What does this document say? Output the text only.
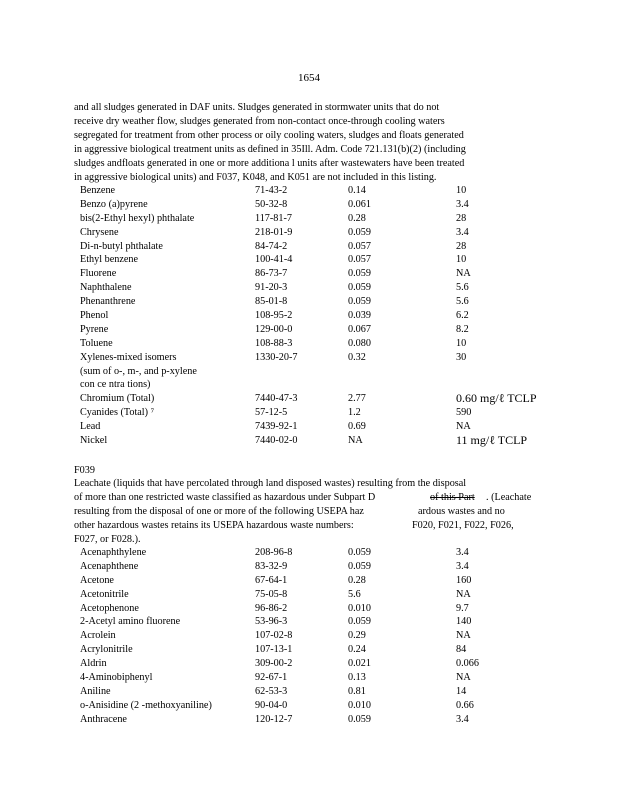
1654
and all sludges generated in DAF units. Sludges generated in stormwater units that do not
receive dry weather flow, sludges generated from non-contact once-through cooling waters
segregated for treatment from other process or oily cooling waters, sludges and floats generated
in aggressive biological treatment units as defined in 35Ill. Adm. Code 721.131(b)(2) (including
sludges andfloats generated in one or more additiona l units after wastewaters have been treated
in aggressive biological units) and F037, K048, and K051 are not included in this listing.
Benzene	71-43-2	0.14	10
Benzo (a)pyrene	50-32-8	0.061	3.4
bis(2-Ethyl hexyl) phthalate	117-81-7	0.28	28
Chrysene	218-01-9	0.059	3.4
Di-n-butyl phthalate	84-74-2	0.057	28
Ethyl benzene	100-41-4	0.057	10
Fluorene	86-73-7	0.059	NA
Naphthalene	91-20-3	0.059	5.6
Phenanthrene	85-01-8	0.059	5.6
Phenol	108-95-2	0.039	6.2
Pyrene	129-00-0	0.067	8.2
Toluene	108-88-3	0.080	10
Xylenes-mixed isomers	1330-20-7	0.32	30
(sum of o-, m-, and p-xylene
con ce ntra tions)
Chromium (Total)	7440-47-3	2.77	0.60 mg/ℓ TCLP
Cyanides (Total) ⁷	57-12-5	1.2	590
Lead	7439-92-1	0.69	NA
Nickel	7440-02-0	NA	11 mg/ℓ TCLP
F039
Leachate (liquids that have percolated through land disposed wastes) resulting from the disposal
of more than one restricted waste classified as hazardous under Subpart D	of this Part . (Leachate
resulting from the disposal of one or more of the following USEPA haz	ardous wastes and no
other hazardous wastes retains its USEPA hazardous waste numbers:	F020, F021, F022, F026,
F027, or F028.).
Acenaphthylene	208-96-8	0.059	3.4
Acenaphthene	83-32-9	0.059	3.4
Acetone	67-64-1	0.28	160
Acetonitrile	75-05-8	5.6	NA
Acetophenone	96-86-2	0.010	9.7
2-Acetyl amino fluorene	53-96-3	0.059	140
Acrolein	107-02-8	0.29	NA
Acrylonitrile	107-13-1	0.24	84
Aldrin	309-00-2	0.021	0.066
4-Aminobiphenyl	92-67-1	0.13	NA
Aniline	62-53-3	0.81	14
o-Anisidine (2 -methoxyaniline)	90-04-0	0.010	0.66
Anthracene	120-12-7	0.059	3.4
